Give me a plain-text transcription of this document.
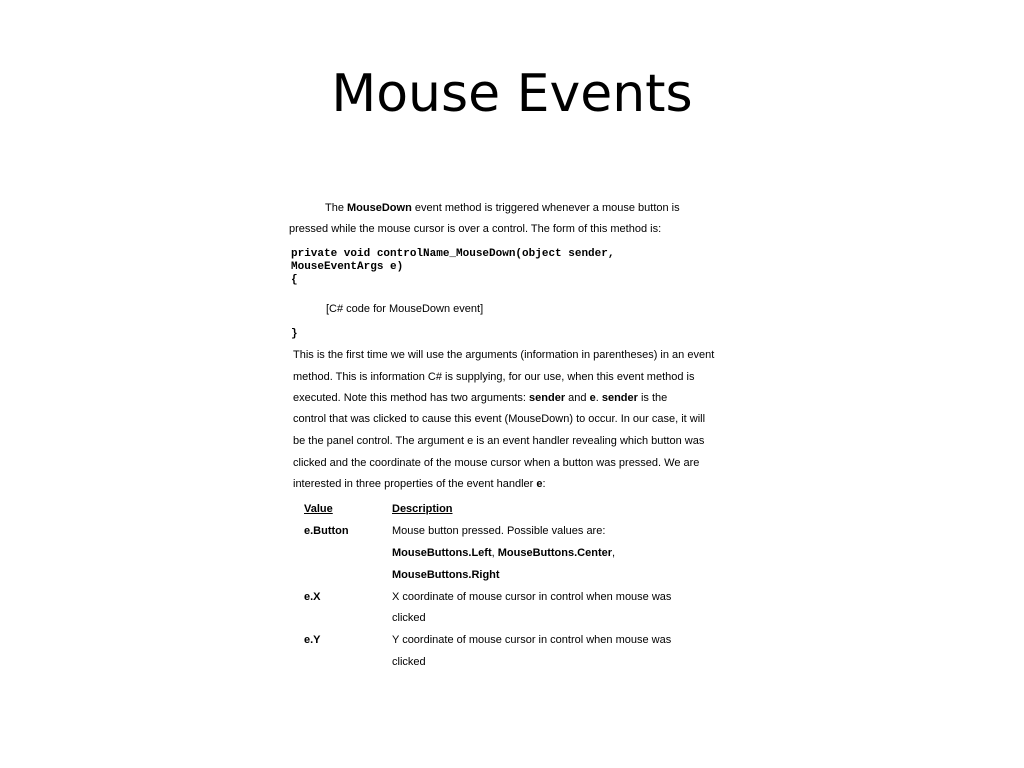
Mouse Events
The MouseDown event method is triggered whenever a mouse button is
pressed while the mouse cursor is over a control. The form of this method is:
private void controlName_MouseDown(object sender,
MouseEventArgs e)
{
[C# code for MouseDown event]
}
This is the first time we will use the arguments (information in parentheses) in an event
method. This is information C# is supplying, for our use, when this event method is
executed. Note this method has two arguments: sender and e. sender is the
control that was clicked to cause this event (MouseDown) to occur. In our case, it will
be the panel control. The argument e is an event handler revealing which button was
clicked and the coordinate of the mouse cursor when a button was pressed. We are
interested in three properties of the event handler e:
Value	Description
e.Button	Mouse button pressed. Possible values are:
MouseButtons.Left, MouseButtons.Center,
MouseButtons.Right
e.X	X coordinate of mouse cursor in control when mouse was
clicked
e.Y	Y coordinate of mouse cursor in control when mouse was
clicked
